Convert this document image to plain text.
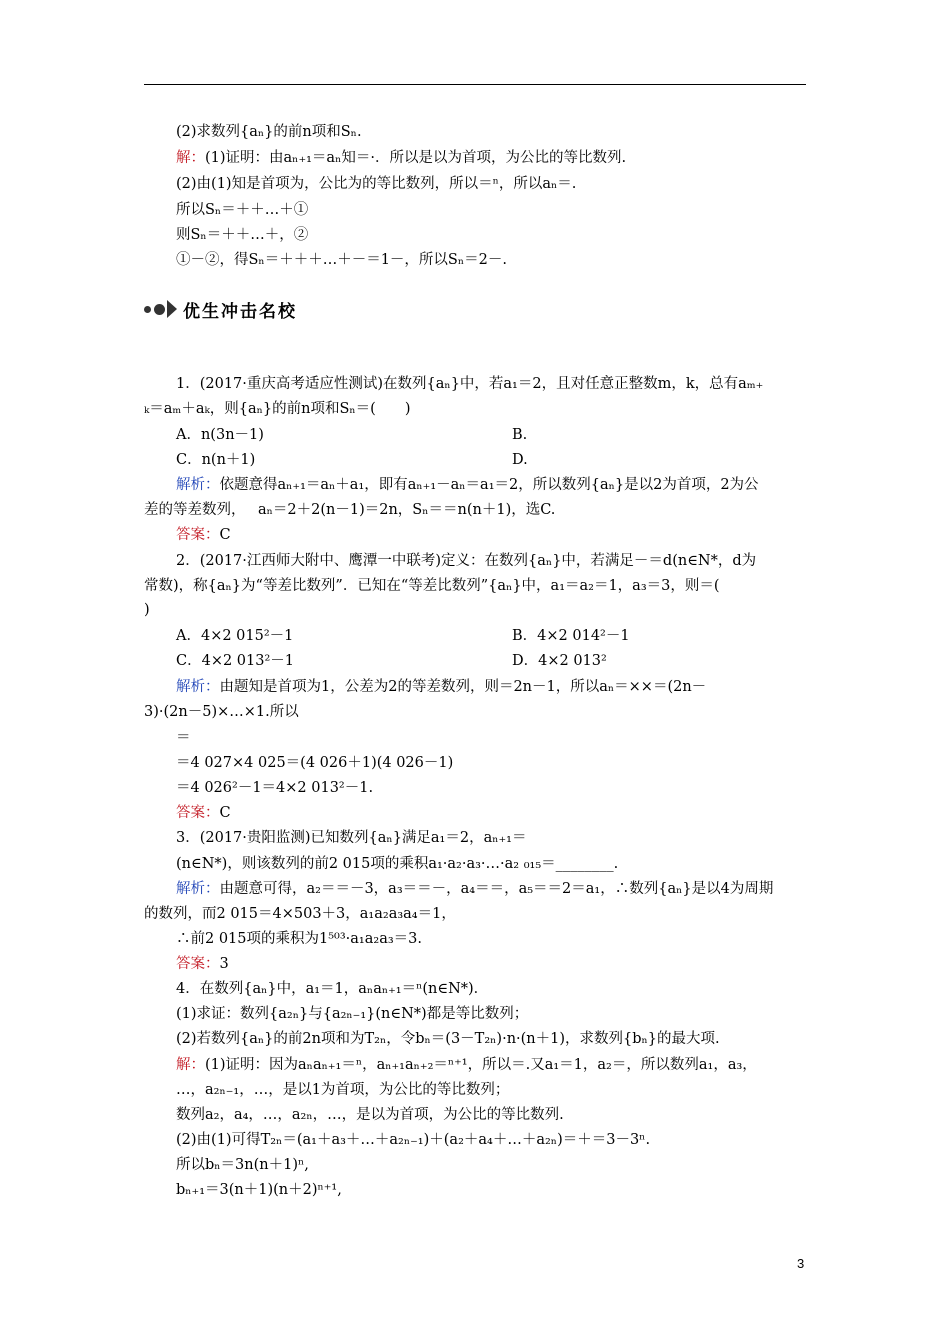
(2)求数列{aₙ}的前n项和Sₙ.
解：(1)证明：由aₙ₊₁＝aₙ知＝·．所以是以为首项，为公比的等比数列.
(2)由(1)知是首项为，公比为的等比数列，所以＝ⁿ，所以aₙ＝.
所以Sₙ＝＋＋…＋①
则Sₙ＝＋＋…＋，②
①－②，得Sₙ＝＋＋＋…＋－＝1－，所以Sₙ＝2－.
优生冲击名校
1．(2017·重庆高考适应性测试)在数列{aₙ}中，若a₁＝2，且对任意正整数m，k，总有aₘ₊
ₖ＝aₘ＋aₖ，则{aₙ}的前n项和Sₙ＝(　　)
A．n(3n－1)	B.
C．n(n＋1)	D.
解析：依题意得aₙ₊₁＝aₙ＋a₁，即有aₙ₊₁－aₙ＝a₁＝2，所以数列{aₙ}是以2为首项，2为公
差的等差数列， aₙ＝2＋2(n－1)＝2n，Sₙ＝＝n(n＋1)，选C.
答案：C
2．(2017·江西师大附中、鹰潭一中联考)定义：在数列{aₙ}中，若满足－＝d(n∈N*，d为
常数)，称{aₙ}为“等差比数列”．已知在“等差比数列”{aₙ}中，a₁＝a₂＝1，a₃＝3，则＝(
)
A．4×2 015²－1	B．4×2 014²－1
C．4×2 013²－1	D．4×2 013²
解析：由题知是首项为1，公差为2的等差数列，则＝2n－1，所以aₙ＝××＝(2n－
3)·(2n－5)×…×1.所以
＝
＝4 027×4 025＝(4 026＋1)(4 026－1)
＝4 026²－1＝4×2 013²－1.
答案：C
3．(2017·贵阳监测)已知数列{aₙ}满足a₁＝2，aₙ₊₁＝
(n∈N*)，则该数列的前2 015项的乘积a₁·a₂·a₃·…·a₂ ₀₁₅＝________.
解析：由题意可得，a₂＝＝－3，a₃＝＝－，a₄＝＝，a₅＝＝2＝a₁，∴数列{aₙ}是以4为周期
的数列，而2 015＝4×503＋3，a₁a₂a₃a₄＝1，
∴前2 015项的乘积为1⁵⁰³·a₁a₂a₃＝3.
答案：3
4．在数列{aₙ}中，a₁＝1，aₙaₙ₊₁＝ⁿ(n∈N*)．
(1)求证：数列{a₂ₙ}与{a₂ₙ₋₁}(n∈N*)都是等比数列；
(2)若数列{aₙ}的前2n项和为T₂ₙ，令bₙ＝(3－T₂ₙ)·n·(n＋1)，求数列{bₙ}的最大项.
解：(1)证明：因为aₙaₙ₊₁＝ⁿ，aₙ₊₁aₙ₊₂＝ⁿ⁺¹，所以＝.又a₁＝1，a₂＝，所以数列a₁，a₃，
…，a₂ₙ₋₁，…，是以1为首项，为公比的等比数列；
数列a₂，a₄，…，a₂ₙ，…，是以为首项，为公比的等比数列.
(2)由(1)可得T₂ₙ＝(a₁＋a₃＋…＋a₂ₙ₋₁)＋(a₂＋a₄＋…＋a₂ₙ)＝＋＝3－3ⁿ.
所以bₙ＝3n(n＋1)ⁿ,
bₙ₊₁＝3(n＋1)(n＋2)ⁿ⁺¹,
3
